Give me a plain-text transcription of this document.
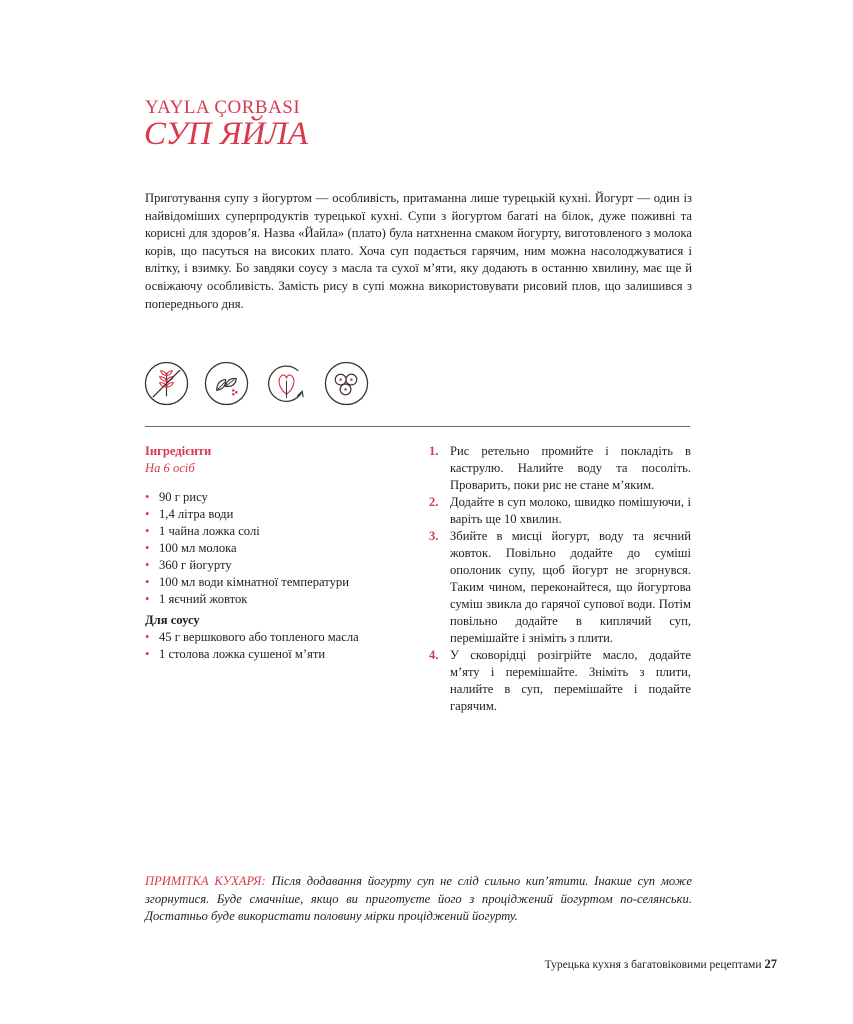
YAYLA ÇORBASI
СУП ЯЙЛА

Приготування супу з йогуртом — особливість, притаманна лише турецькій кухні. Йогурт — один із найвідоміших суперпродуктів турецької кухні. Супи з йогуртом багаті на білок, дуже поживні та корисні для здоров’я. Назва «Йайла» (плато) була натхненна смаком йогурту, виготовленого з молока корів, що пасуться на високих плато. Хоча суп подається гарячим, ним можна насолоджуватися і влітку, і взимку. Бо завдяки соусу з масла та сухої м’яти, яку додають в останню хвилину, має ще й освіжаючу особливість. Замість рису в супі можна використовувати рисовий плов, що залишився з попереднього дня.

Інгредієнти
На 6 осіб
• 90 г рису
• 1,4 літра води
• 1 чайна ложка солі
• 100 мл молока
• 360 г йогурту
• 100 мл води кімнатної температури
• 1 яєчний жовток
Для соусу
• 45 г вершкового або топленого масла
• 1 столова ложка сушеної м’яти
1. Рис ретельно промийте і покладіть в каструлю. Налийте воду та посоліть. Проварить, поки рис не стане м’яким.
2. Додайте в суп молоко, швидко помішуючи, і варіть ще 10 хвилин.
3. Збийте в мисці йогурт, воду та яєчний жовток. Повільно додайте до суміші ополоник супу, щоб йогурт не згорнувся. Таким чином, переконайтеся, що йогуртова суміш звикла до гарячої супової води. Потім повільно додайте в киплячий суп, перемішайте і зніміть з плити.
4. У сковорідці розігрійте масло, додайте м’яту і перемішайте. Зніміть з плити, налийте в суп, перемішайте і подайте гарячим.

ПРИМІТКА КУХАРЯ: Після додавання йогурту суп не слід сильно кип’ятити. Інакше суп може згорнутися. Буде смачніше, якщо ви приготуєте його з проціджений йогуртом по-селянськи. Достатньо буде використати половину мірки проціджений йогурту.

Турецька кухня з багатовіковими рецептами 27
